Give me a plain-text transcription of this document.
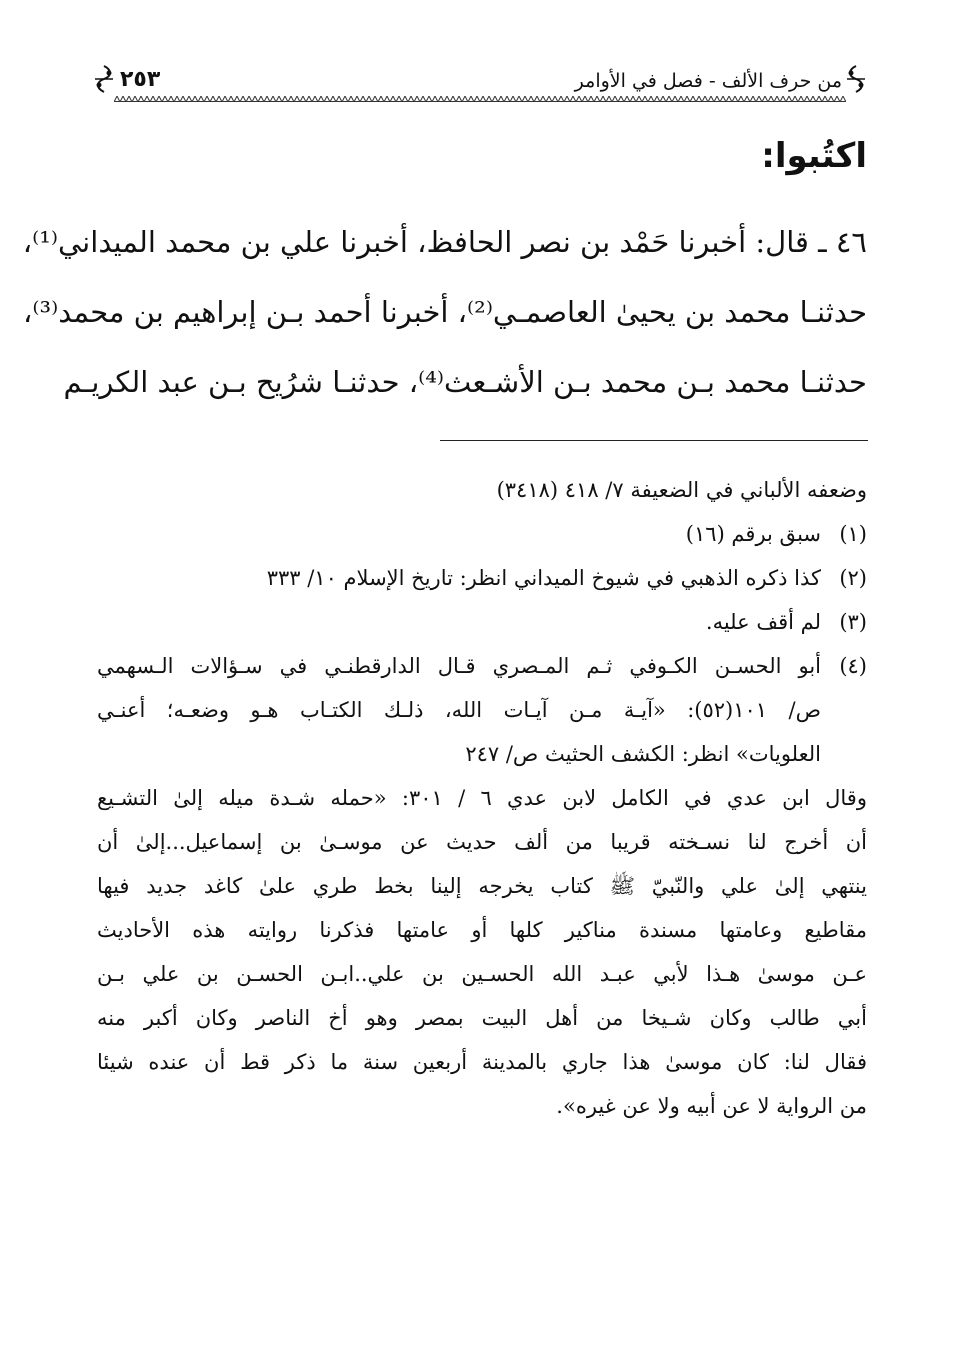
من حرف الألف - فصل في الأوامر
٢٥٣
اكتُبوا:
٤٦ ـ قال: أخبرنا حَمْد بن نصر الحافظ، أخبرنا علي بن محمد الميداني⁽¹⁾،
حدثنـا محمد بن يحيىٰ العاصمـي⁽²⁾، أخبرنا أحمد بـن إبراهيم بن محمد⁽³⁾،
حدثنـا محمد بـن محمد بـن الأشـعث⁽⁴⁾، حدثنـا شرُيح بـن عبد الكريـم
وضعفه الألباني في الضعيفة ٧/ ٤١٨ (٣٤١٨)
(١)سبق برقم (١٦)
(٢)كذا ذكره الذهبي في شيوخ الميداني انظر: تاريخ الإسلام ١٠/ ٣٣٣
(٣)لم أقف عليه.
(٤)أبو الحسـن الكـوفي ثـم المـصري قـال الدارقطنـي في سـؤالات الـسهمي
ص/ ١٠١(٥٢): «آيـة مـن آيـات الله، ذلـك الكتـاب هـو وضعـه؛ أعنـي
العلويات» انظر: الكشف الحثيث ص/ ٢٤٧
وقال ابن عدي في الكامل لابن عدي ٦ / ٣٠١: «حمله شـدة ميله إلىٰ التشـيع
أن أخرج لنا نسـخته قريبا من ألف حديث عن موسـىٰ بن إسماعيل...إلىٰ أن
ينتهي إلىٰ علي والنّبيّ ﷺ كتاب يخرجه إلينا بخط طري علىٰ كاغد جديد فيها
مقاطيع وعامتها مسندة مناكير كلها أو عامتها فذكرنا روايته هذه الأحاديث
عـن موسىٰ هـذا لأبي عبـد الله الحسـين بن علي..ابـن الحسـن بن علي بـن
أبي طالب وكان شـيخا من أهل البيت بمصر وهو أخ الناصر وكان أكبر منه
فقال لنا: كان موسىٰ هذا جاري بالمدينة أربعين سنة ما ذكر قط أن عنده شيئا
من الرواية لا عن أبيه ولا عن غيره».
